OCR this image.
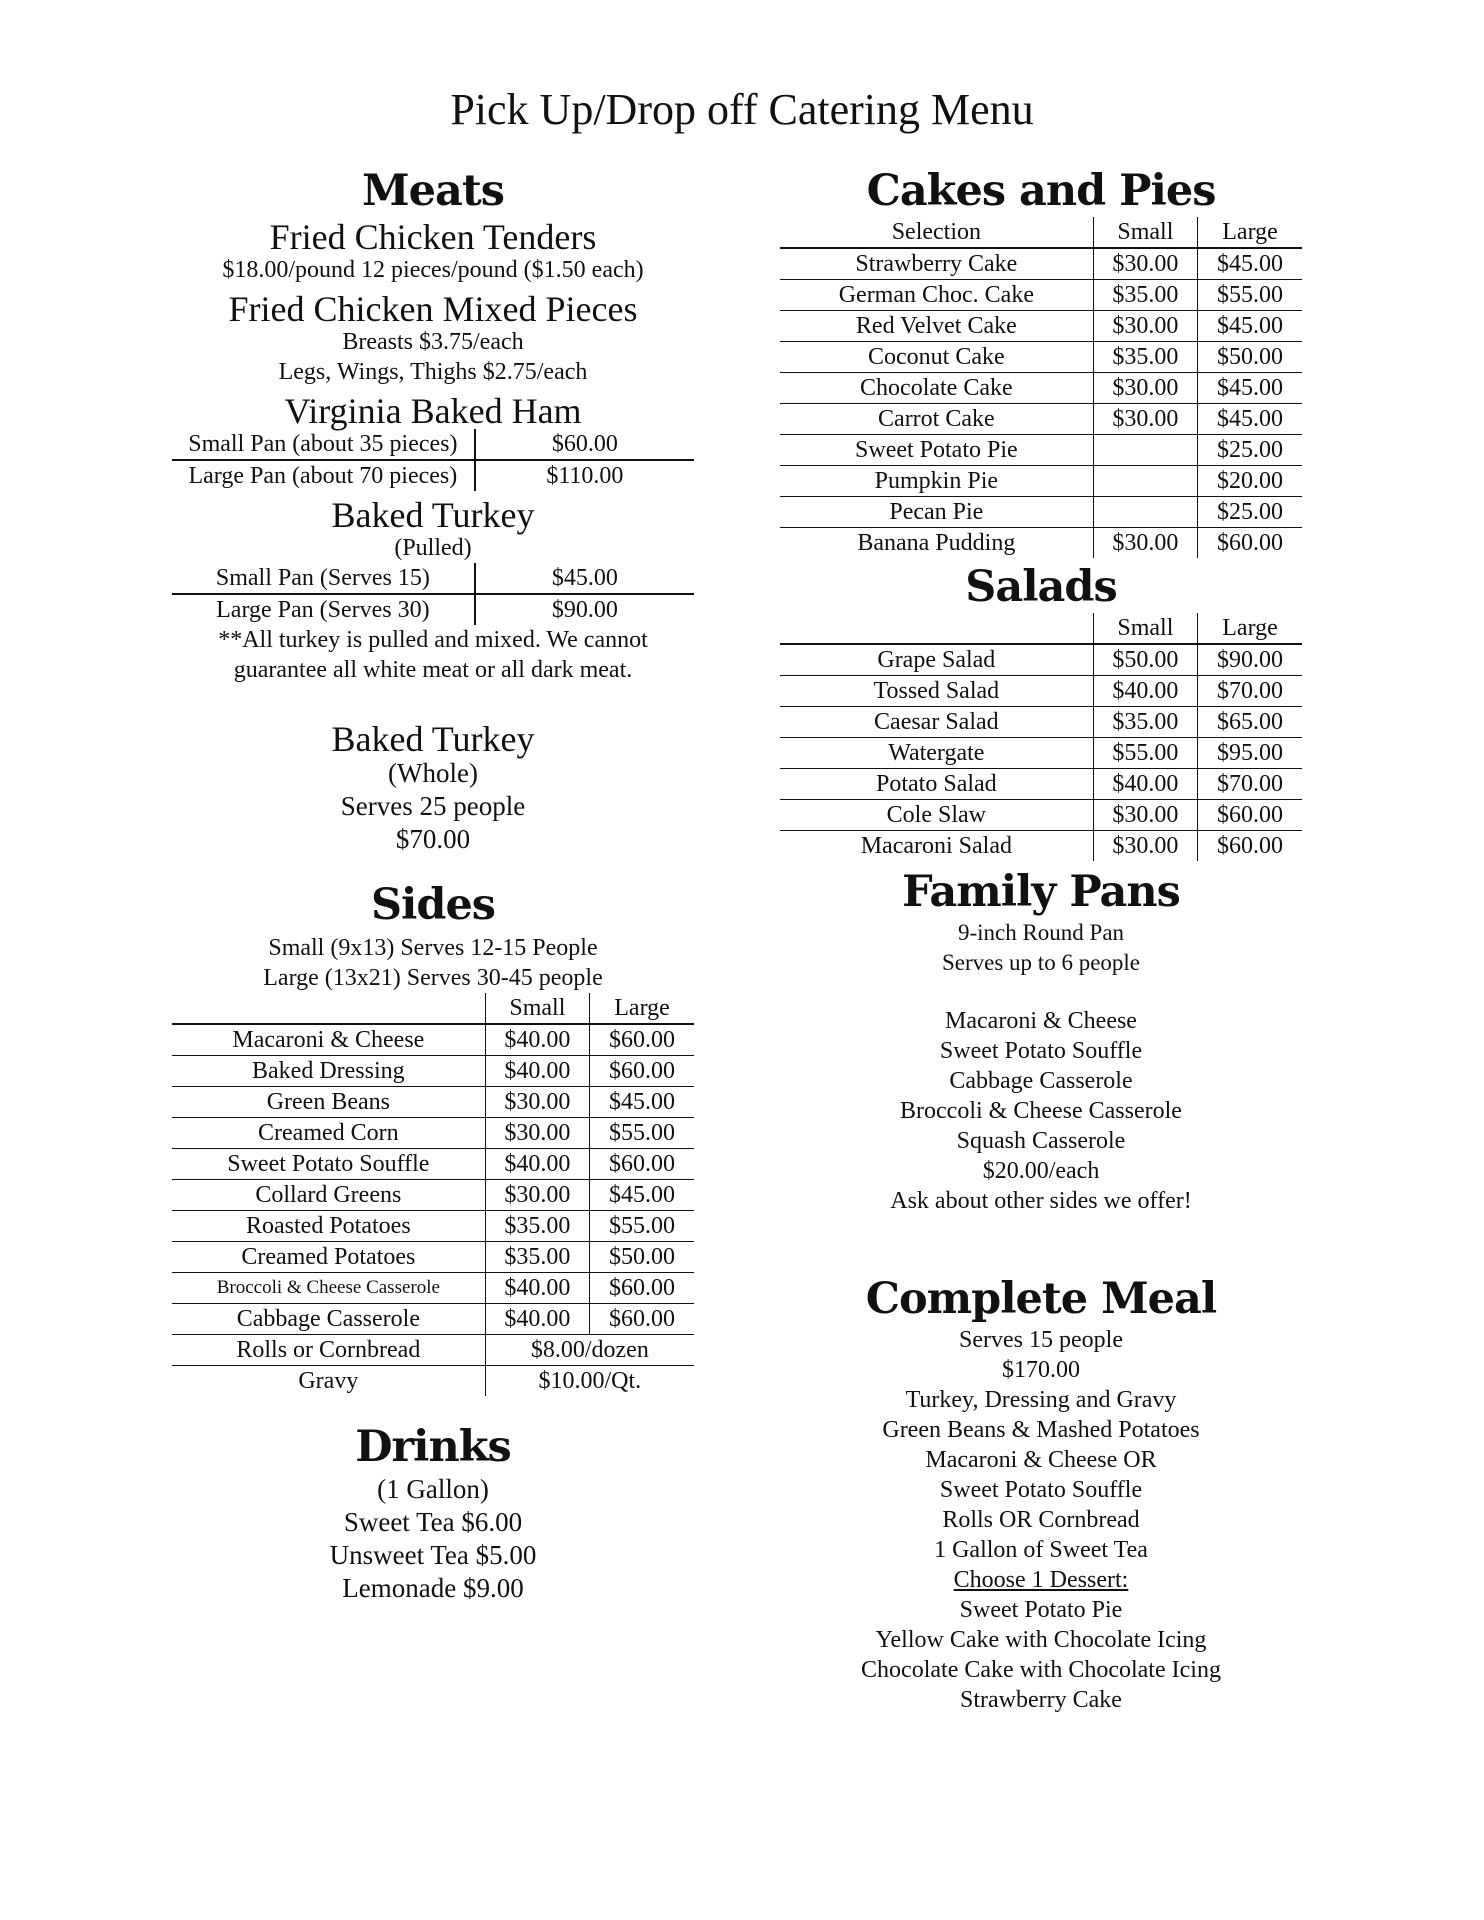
Pick Up/Drop off Catering Menu
Meats
Fried Chicken Tenders
$18.00/pound 12 pieces/pound ($1.50 each)
Fried Chicken Mixed Pieces
Breasts $3.75/each
Legs, Wings, Thighs $2.75/each
Virginia Baked Ham
Small Pan (about 35 pieces)	$60.00
Large Pan (about 70 pieces)	$110.00
Baked Turkey
(Pulled)
Small Pan (Serves 15)	$45.00
Large Pan (Serves 30)	$90.00
**All turkey is pulled and mixed. We cannot
guarantee all white meat or all dark meat.
Baked Turkey
(Whole)
Serves 25 people
$70.00
Sides
Small (9x13) Serves 12-15 People
Large (13x21) Serves 30-45 people
	Small	Large
Macaroni & Cheese	$40.00	$60.00
Baked Dressing	$40.00	$60.00
Green Beans	$30.00	$45.00
Creamed Corn	$30.00	$55.00
Sweet Potato Souffle	$40.00	$60.00
Collard Greens	$30.00	$45.00
Roasted Potatoes	$35.00	$55.00
Creamed Potatoes	$35.00	$50.00
Broccoli & Cheese Casserole	$40.00	$60.00
Cabbage Casserole	$40.00	$60.00
Rolls or Cornbread	$8.00/dozen	
Gravy	$10.00/Qt.	
Drinks
(1 Gallon)
Sweet Tea $6.00
Unsweet Tea $5.00
Lemonade $9.00
Cakes and Pies
Selection	Small	Large
Strawberry Cake	$30.00	$45.00
German Choc. Cake	$35.00	$55.00
Red Velvet Cake	$30.00	$45.00
Coconut Cake	$35.00	$50.00
Chocolate Cake	$30.00	$45.00
Carrot Cake	$30.00	$45.00
Sweet Potato Pie		$25.00
Pumpkin Pie		$20.00
Pecan Pie		$25.00
Banana Pudding	$30.00	$60.00
Salads
	Small	Large
Grape Salad	$50.00	$90.00
Tossed Salad	$40.00	$70.00
Caesar Salad	$35.00	$65.00
Watergate	$55.00	$95.00
Potato Salad	$40.00	$70.00
Cole Slaw	$30.00	$60.00
Macaroni Salad	$30.00	$60.00
Family Pans
9-inch Round Pan
Serves up to 6 people
Macaroni & Cheese
Sweet Potato Souffle
Cabbage Casserole
Broccoli & Cheese Casserole
Squash Casserole
$20.00/each
Ask about other sides we offer!
Complete Meal
Serves 15 people
$170.00
Turkey, Dressing and Gravy
Green Beans & Mashed Potatoes
Macaroni & Cheese OR
Sweet Potato Souffle
Rolls OR Cornbread
1 Gallon of Sweet Tea
Choose 1 Dessert:
Sweet Potato Pie
Yellow Cake with Chocolate Icing
Chocolate Cake with Chocolate Icing
Strawberry Cake
